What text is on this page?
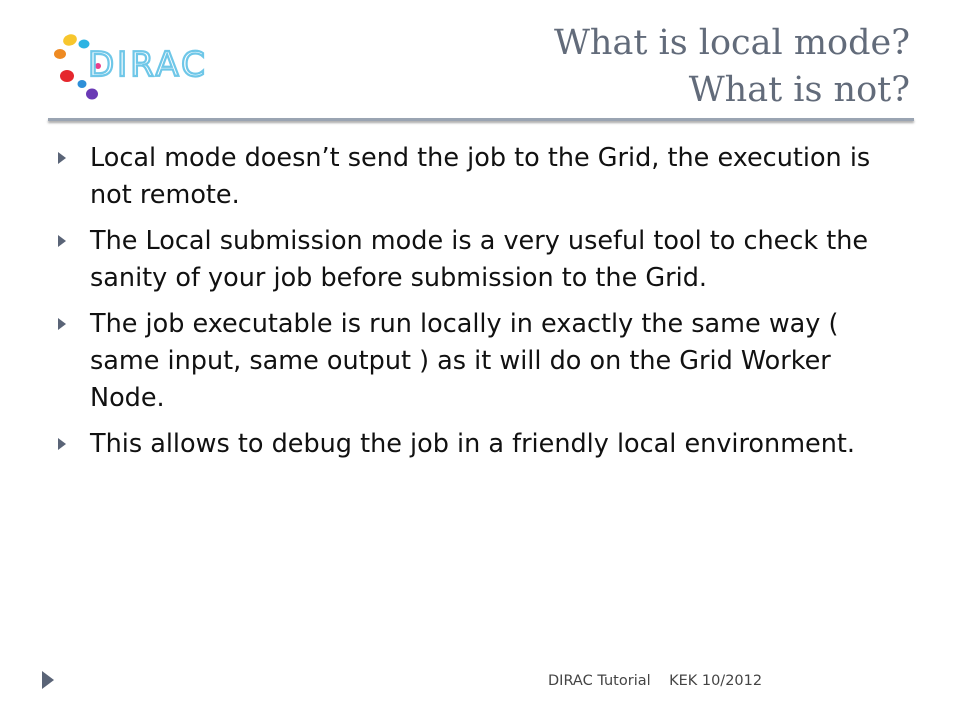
DIRAC
What is local mode?
What is not?
Local mode doesn’t send the job to the Grid, the execution is not remote.
The Local submission mode is a very useful tool to check the sanity of your job before submission to the Grid.
The job executable is run locally in exactly the same way ( same input, same output ) as it will do on the Grid Worker Node.
This allows to debug the job in a friendly local environment.
DIRAC Tutorial    KEK 10/2012
